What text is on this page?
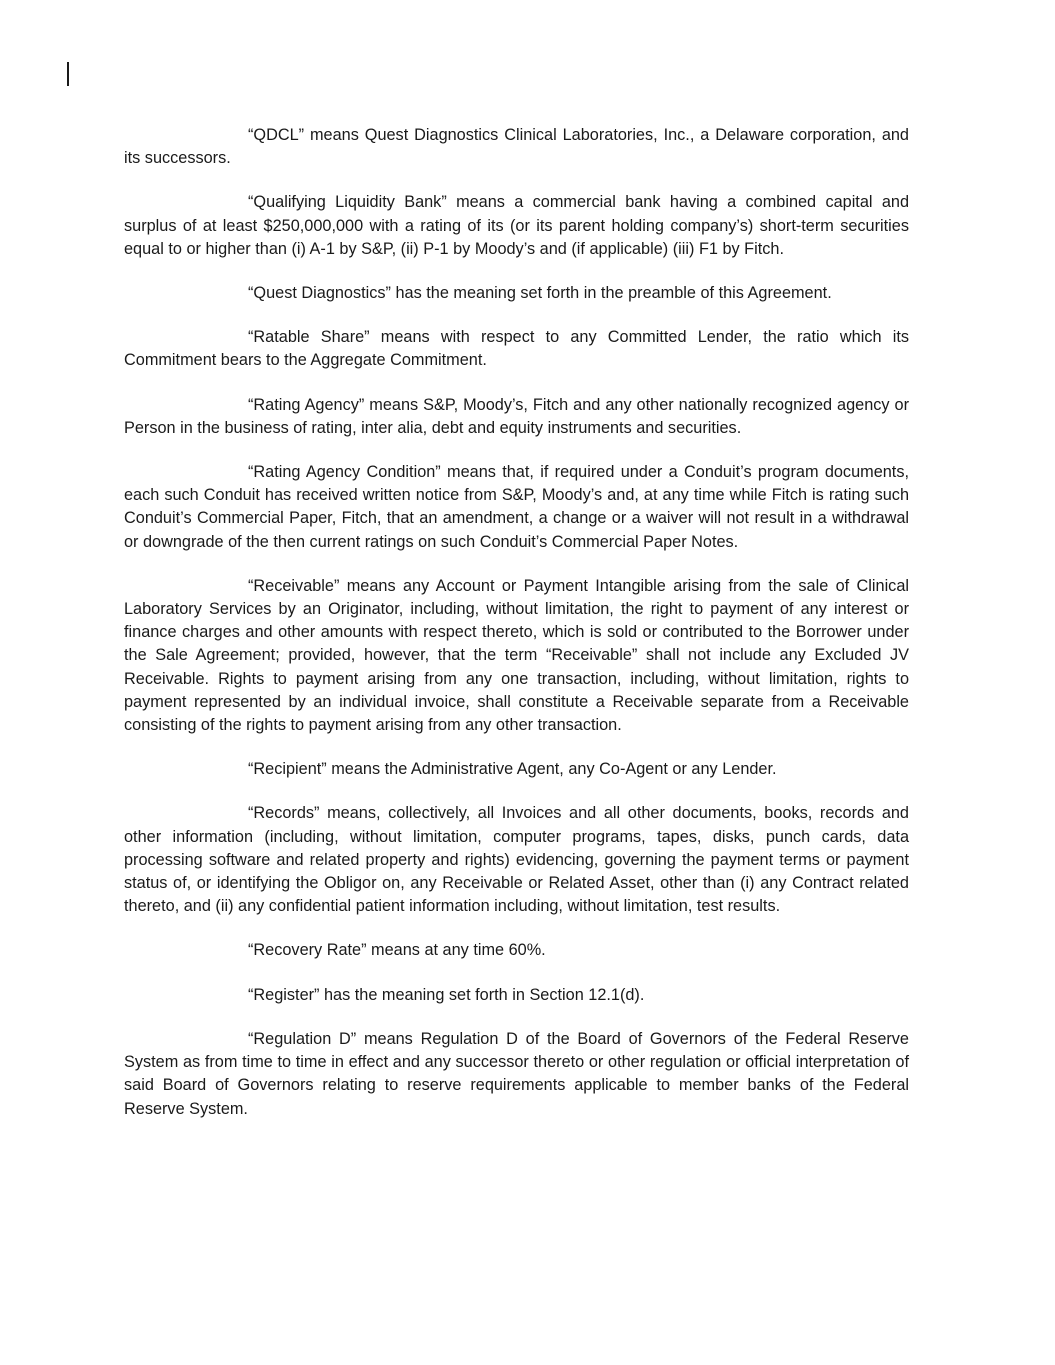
“QDCL” means Quest Diagnostics Clinical Laboratories, Inc., a Delaware corporation, and its successors.

“Qualifying Liquidity Bank” means a commercial bank having a combined capital and surplus of at least $250,000,000 with a rating of its (or its parent holding company’s) short-term securities equal to or higher than (i) A-1 by S&P, (ii) P-1 by Moody’s and (if applicable) (iii) F1 by Fitch.

“Quest Diagnostics” has the meaning set forth in the preamble of this Agreement.

“Ratable Share” means with respect to any Committed Lender, the ratio which its Commitment bears to the Aggregate Commitment.

“Rating Agency” means S&P, Moody’s, Fitch and any other nationally recognized agency or Person in the business of rating, inter alia, debt and equity instruments and securities.

“Rating Agency Condition” means that, if required under a Conduit’s program documents, each such Conduit has received written notice from S&P, Moody’s and, at any time while Fitch is rating such Conduit’s Commercial Paper, Fitch, that an amendment, a change or a waiver will not result in a withdrawal or downgrade of the then current ratings on such Conduit’s Commercial Paper Notes.

“Receivable” means any Account or Payment Intangible arising from the sale of Clinical Laboratory Services by an Originator, including, without limitation, the right to payment of any interest or finance charges and other amounts with respect thereto, which is sold or contributed to the Borrower under the Sale Agreement; provided, however, that the term “Receivable” shall not include any Excluded JV Receivable. Rights to payment arising from any one transaction, including, without limitation, rights to payment represented by an individual invoice, shall constitute a Receivable separate from a Receivable consisting of the rights to payment arising from any other transaction.

“Recipient” means the Administrative Agent, any Co-Agent or any Lender.

“Records” means, collectively, all Invoices and all other documents, books, records and other information (including, without limitation, computer programs, tapes, disks, punch cards, data processing software and related property and rights) evidencing, governing the payment terms or payment status of, or identifying the Obligor on, any Receivable or Related Asset, other than (i) any Contract related thereto, and (ii) any confidential patient information including, without limitation, test results.

“Recovery Rate” means at any time 60%.

“Register” has the meaning set forth in Section 12.1(d).

“Regulation D” means Regulation D of the Board of Governors of the Federal Reserve System as from time to time in effect and any successor thereto or other regulation or official interpretation of said Board of Governors relating to reserve requirements applicable to member banks of the Federal Reserve System.
